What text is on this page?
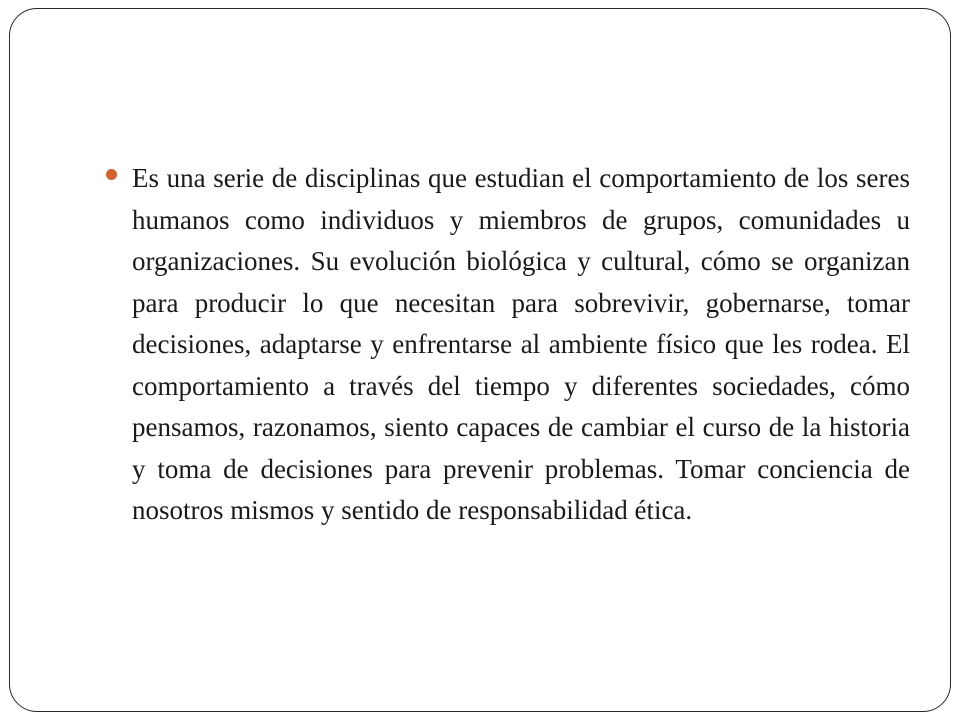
Es una serie de disciplinas que estudian el comportamiento de los seres humanos como individuos y miembros de grupos, comunidades u organizaciones. Su evolución biológica y cultural, cómo se organizan para producir lo que necesitan para sobrevivir, gobernarse, tomar decisiones, adaptarse y enfrentarse al ambiente físico que les rodea. El comportamiento a través del tiempo y diferentes sociedades, cómo pensamos, razonamos, siento capaces de cambiar el curso de la historia y toma de decisiones para prevenir problemas. Tomar conciencia de nosotros mismos y sentido de responsabilidad ética.
